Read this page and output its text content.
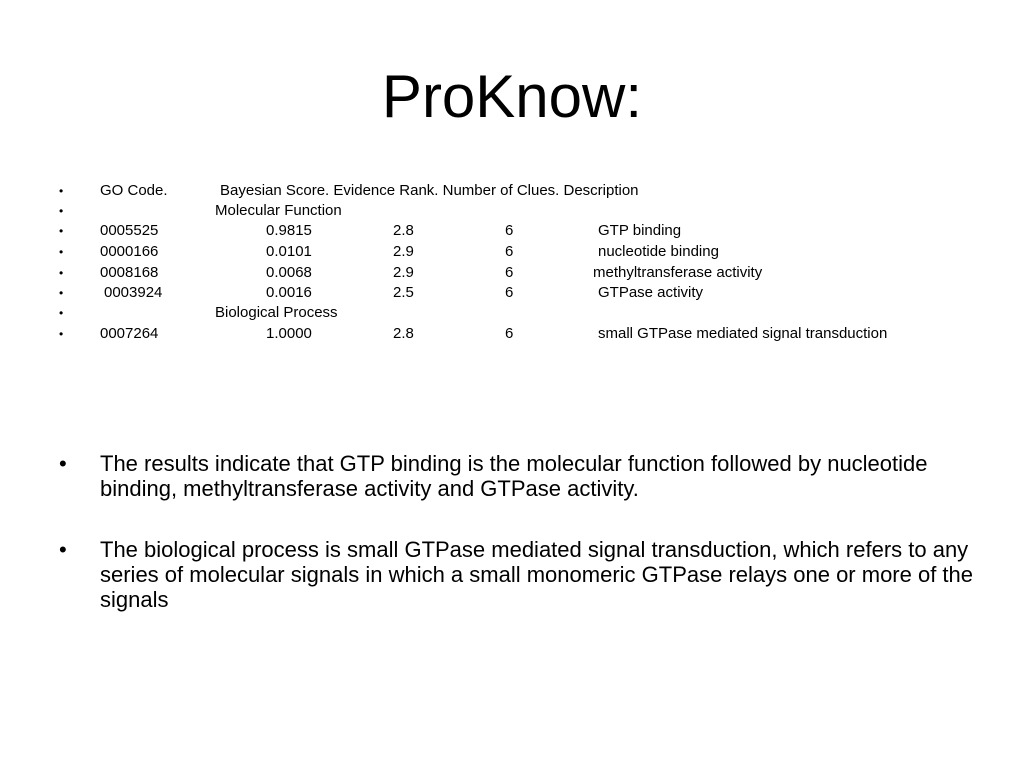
ProKnow:
• GO Code.	Bayesian Score. Evidence Rank. Number of Clues. Description
•	Molecular Function
• 0005525	0.9815	2.8	6	GTP binding
• 0000166	0.0101	2.9	6	nucleotide binding
• 0008168	0.0068	2.9	6	methyltransferase activity
•	0003924	0.0016	2.5	6	GTPase activity
•	Biological Process
• 0007264	1.0000	2.8	6	small GTPase mediated signal transduction
• The results indicate that GTP binding is the molecular function followed by nucleotide binding, methyltransferase activity and GTPase activity.
• The biological process is small GTPase mediated signal transduction, which refers to any series of molecular signals in which a small monomeric GTPase relays one or more of the signals
